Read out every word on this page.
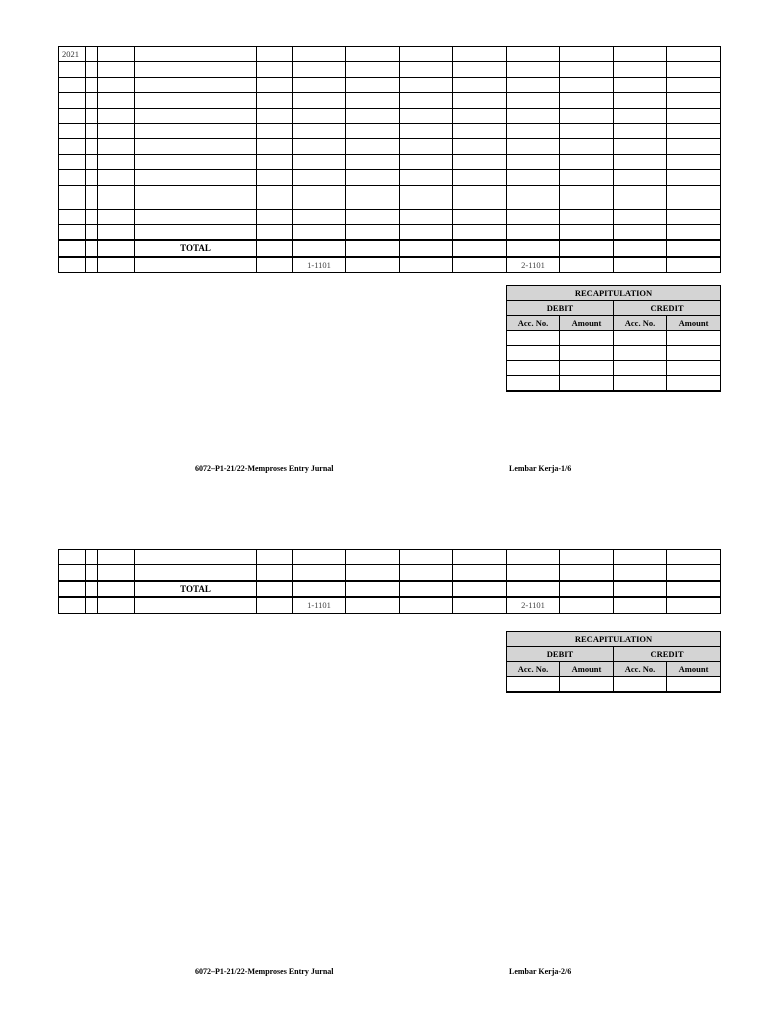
2021												

			TOTAL									
					1-1101				2-1101			
RECAPITULATION			
DEBIT		CREDIT	
Acc. No.	Amount	Acc. No.	Amount

6072–P1-21/22-Memproses Entry Jurnal	Lembar Kerja-1/6

			TOTAL									
					1-1101				2-1101			
RECAPITULATION			
DEBIT		CREDIT	
Acc. No.	Amount	Acc. No.	Amount

6072–P1-21/22-Memproses Entry Jurnal	Lembar Kerja-2/6
